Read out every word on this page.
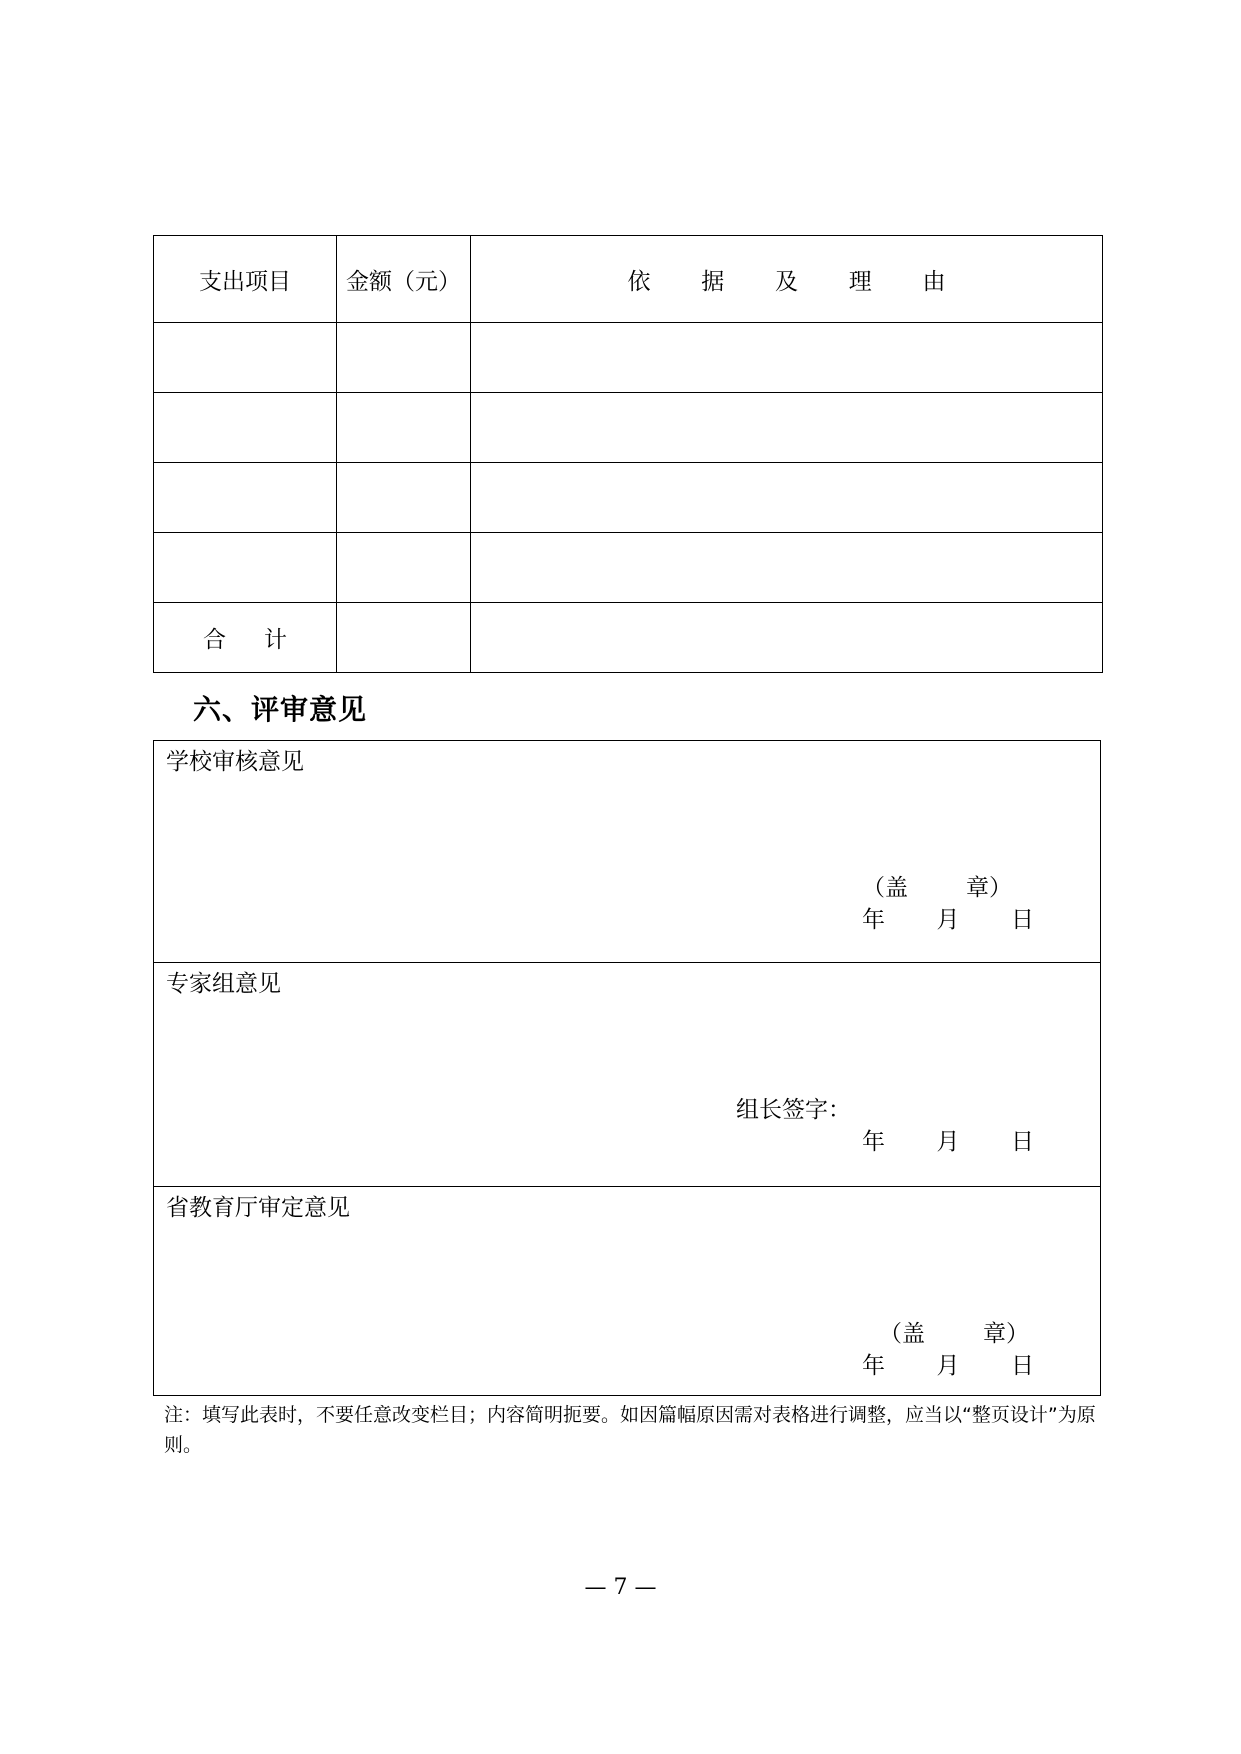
支出项目	金额（元）	依 据 及 理 由

合 计		

六、评审意见
学校审核意见
（盖	章）
年 月 日
专家组意见
组长签字：
年 月 日
省教育厅审定意见
（盖	章）
年 月 日
注：填写此表时，不要任意改变栏目；内容简明扼要。如因篇幅原因需对表格进行调整，应当以“整页设计”为原则。
— 7 —
